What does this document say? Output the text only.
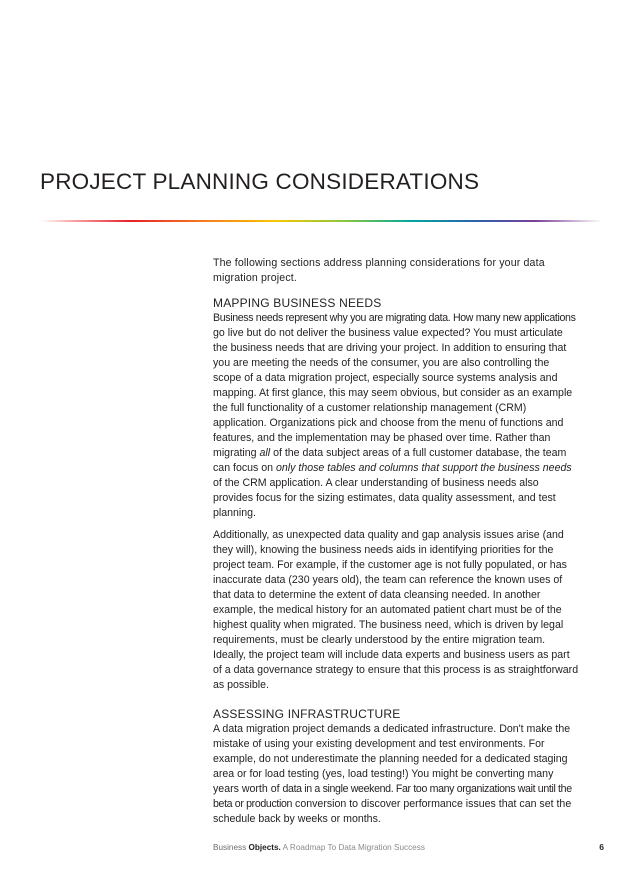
PROJECT PLANNING CONSIDERATIONS

The following sections address planning considerations for your data migration project.

MAPPING BUSINESS NEEDS

Business needs represent why you are migrating data. How many new applications go live but do not deliver the business value expected? You must articulate the business needs that are driving your project. In addition to ensuring that you are meeting the needs of the consumer, you are also controlling the scope of a data migration project, especially source systems analysis and mapping. At first glance, this may seem obvious, but consider as an example the full functionality of a customer relationship management (CRM) application. Organizations pick and choose from the menu of functions and features, and the implementation may be phased over time. Rather than migrating all of the data subject areas of a full customer database, the team can focus on only those tables and columns that support the business needs of the CRM application. A clear understanding of business needs also provides focus for the sizing estimates, data quality assessment, and test planning.

Additionally, as unexpected data quality and gap analysis issues arise (and they will), knowing the business needs aids in identifying priorities for the project team. For example, if the customer age is not fully populated, or has inaccurate data (230 years old), the team can reference the known uses of that data to determine the extent of data cleansing needed. In another example, the medical history for an automated patient chart must be of the highest quality when migrated. The business need, which is driven by legal requirements, must be clearly understood by the entire migration team. Ideally, the project team will include data experts and business users as part of a data governance strategy to ensure that this process is as straightforward as possible.

ASSESSING INFRASTRUCTURE

A data migration project demands a dedicated infrastructure. Don't make the mistake of using your existing development and test environments. For example, do not underestimate the planning needed for a dedicated staging area or for load testing (yes, load testing!) You might be converting many years worth of data in a single weekend. Far too many organizations wait until the beta or production conversion to discover performance issues that can set the schedule back by weeks or months.

Business Objects. A Roadmap To Data Migration Success	6
